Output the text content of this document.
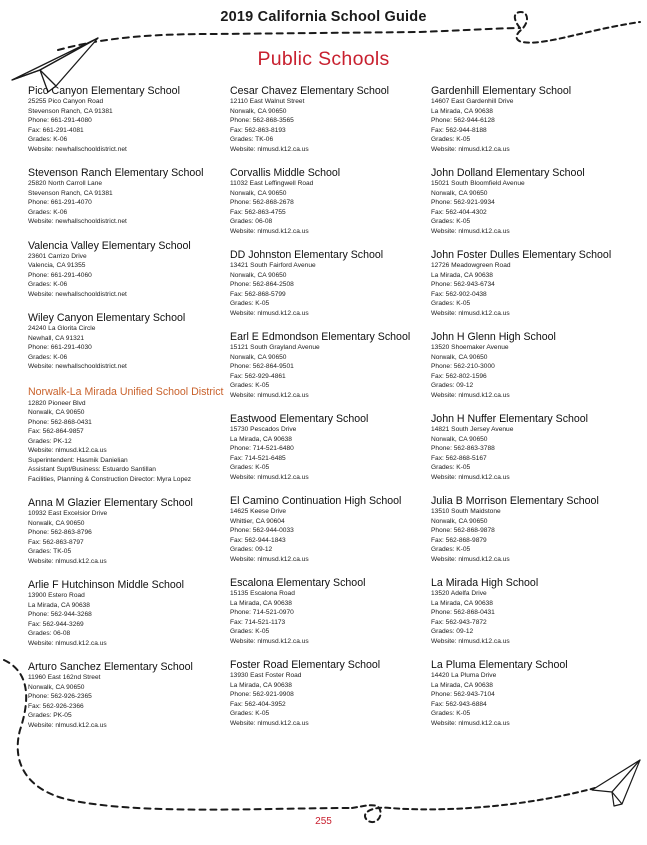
2019 California School Guide
Public Schools
Pico Canyon Elementary School
25255 Pico Canyon Road
Stevenson Ranch, CA 91381
Phone: 661-291-4080
Fax: 661-291-4081
Grades: K-06
Website: newhallschooldistrict.net
Stevenson Ranch Elementary School
25820 North Carroll Lane
Stevenson Ranch, CA 91381
Phone: 661-291-4070
Grades: K-06
Website: newhallschooldistrict.net
Valencia Valley Elementary School
23601 Carrizo Drive
Valencia, CA 91355
Phone: 661-291-4060
Grades: K-06
Website: newhallschooldistrict.net
Wiley Canyon Elementary School
24240 La Glorita Circle
Newhall, CA 91321
Phone: 661-291-4030
Grades: K-06
Website: newhallschooldistrict.net
Norwalk-La Mirada Unified School District
12820 Pioneer Blvd
Norwalk, CA 90650
Phone: 562-868-0431
Fax: 562-864-9857
Grades: PK-12
Website: nlmusd.k12.ca.us
Superintendent: Hasmik Danielian
Assistant Supt/Business: Estuardo Santillan
Facilities, Planning & Construction Director: Myra Lopez
Anna M Glazier Elementary School
10932 East Excelsior Drive
Norwalk, CA 90650
Phone: 562-863-8796
Fax: 562-863-8797
Grades: TK-05
Website: nlmusd.k12.ca.us
Arlie F Hutchinson Middle School
13900 Estero Road
La Mirada, CA 90638
Phone: 562-944-3268
Fax: 562-944-3269
Grades: 06-08
Website: nlmusd.k12.ca.us
Arturo Sanchez Elementary School
11960 East 162nd Street
Norwalk, CA 90650
Phone: 562-926-2365
Fax: 562-926-2366
Grades: PK-05
Website: nlmusd.k12.ca.us
Cesar Chavez Elementary School
12110 East Walnut Street
Norwalk, CA 90650
Phone: 562-868-3565
Fax: 562-863-8193
Grades: TK-06
Website: nlmusd.k12.ca.us
Corvallis Middle School
11032 East Leffingwell Road
Norwalk, CA 90650
Phone: 562-868-2678
Fax: 562-863-4755
Grades: 06-08
Website: nlmusd.k12.ca.us
DD Johnston Elementary School
13421 South Fairford Avenue
Norwalk, CA 90650
Phone: 562-864-2508
Fax: 562-868-5799
Grades: K-05
Website: nlmusd.k12.ca.us
Earl E Edmondson Elementary School
15121 South Grayland Avenue
Norwalk, CA 90650
Phone: 562-864-9501
Fax: 562-929-4861
Grades: K-05
Website: nlmusd.k12.ca.us
Eastwood Elementary School
15730 Pescados Drive
La Mirada, CA 90638
Phone: 714-521-6480
Fax: 714-521-6485
Grades: K-05
Website: nlmusd.k12.ca.us
El Camino Continuation High School
14625 Keese Drive
Whittier, CA 90604
Phone: 562-944-0033
Fax: 562-944-1843
Grades: 09-12
Website: nlmusd.k12.ca.us
Escalona Elementary School
15135 Escalona Road
La Mirada, CA 90638
Phone: 714-521-0970
Fax: 714-521-1173
Grades: K-05
Website: nlmusd.k12.ca.us
Foster Road Elementary School
13930 East Foster Road
La Mirada, CA 90638
Phone: 562-921-9908
Fax: 562-404-3952
Grades: K-05
Website: nlmusd.k12.ca.us
Gardenhill Elementary School
14607 East Gardenhill Drive
La Mirada, CA 90638
Phone: 562-944-6128
Fax: 562-944-8188
Grades: K-05
Website: nlmusd.k12.ca.us
John Dolland Elementary School
15021 South Bloomfield Avenue
Norwalk, CA 90650
Phone: 562-921-9934
Fax: 562-404-4302
Grades: K-05
Website: nlmusd.k12.ca.us
John Foster Dulles Elementary School
12726 Meadowgreen Road
La Mirada, CA 90638
Phone: 562-943-6734
Fax: 562-902-0438
Grades: K-05
Website: nlmusd.k12.ca.us
John H Glenn High School
13520 Shoemaker Avenue
Norwalk, CA 90650
Phone: 562-210-3000
Fax: 562-802-1596
Grades: 09-12
Website: nlmusd.k12.ca.us
John H Nuffer Elementary School
14821 South Jersey Avenue
Norwalk, CA 90650
Phone: 562-863-3788
Fax: 562-868-5167
Grades: K-05
Website: nlmusd.k12.ca.us
Julia B Morrison Elementary School
13510 South Maidstone
Norwalk, CA 90650
Phone: 562-868-9878
Fax: 562-868-9879
Grades: K-05
Website: nlmusd.k12.ca.us
La Mirada High School
13520 Adelfa Drive
La Mirada, CA 90638
Phone: 562-868-0431
Fax: 562-943-7872
Grades: 09-12
Website: nlmusd.k12.ca.us
La Pluma Elementary School
14420 La Pluma Drive
La Mirada, CA 90638
Phone: 562-943-7104
Fax: 562-943-6884
Grades: K-05
Website: nlmusd.k12.ca.us
255
